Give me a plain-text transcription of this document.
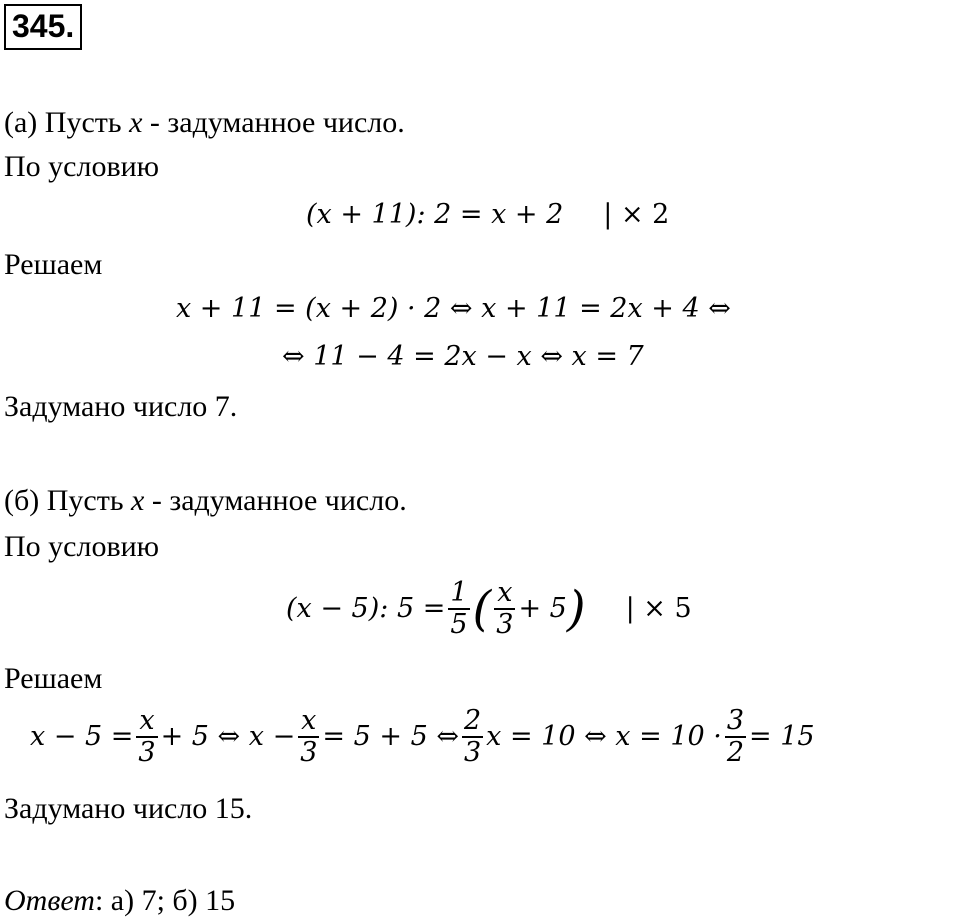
345.
(а) Пусть x - задуманное число.
По условию
(x + 11): 2 = x + 2 | × 2
Решаем
x + 11 = (x + 2) · 2 ⇔ x + 11 = 2x + 4 ⇔
⇔ 11 − 4 = 2x − x ⇔ x = 7
Задумано число 7.
(б) Пусть x - задуманное число.
По условию
(x − 5): $5 = \frac{1}{5}$ ( $\frac{x}{3} + 5$ ) | × 5
Решаем
$x - 5 = \frac{x}{3} + 5$ ⇔ $x - \frac{x}{3} = 5 + 5$ ⇔ $\frac{2}{3}$ x = 10 ⇔ $x = 10 \cdot \frac{3}{2} = 15$
Задумано число 15.
Ответ: а) 7; б) 15
